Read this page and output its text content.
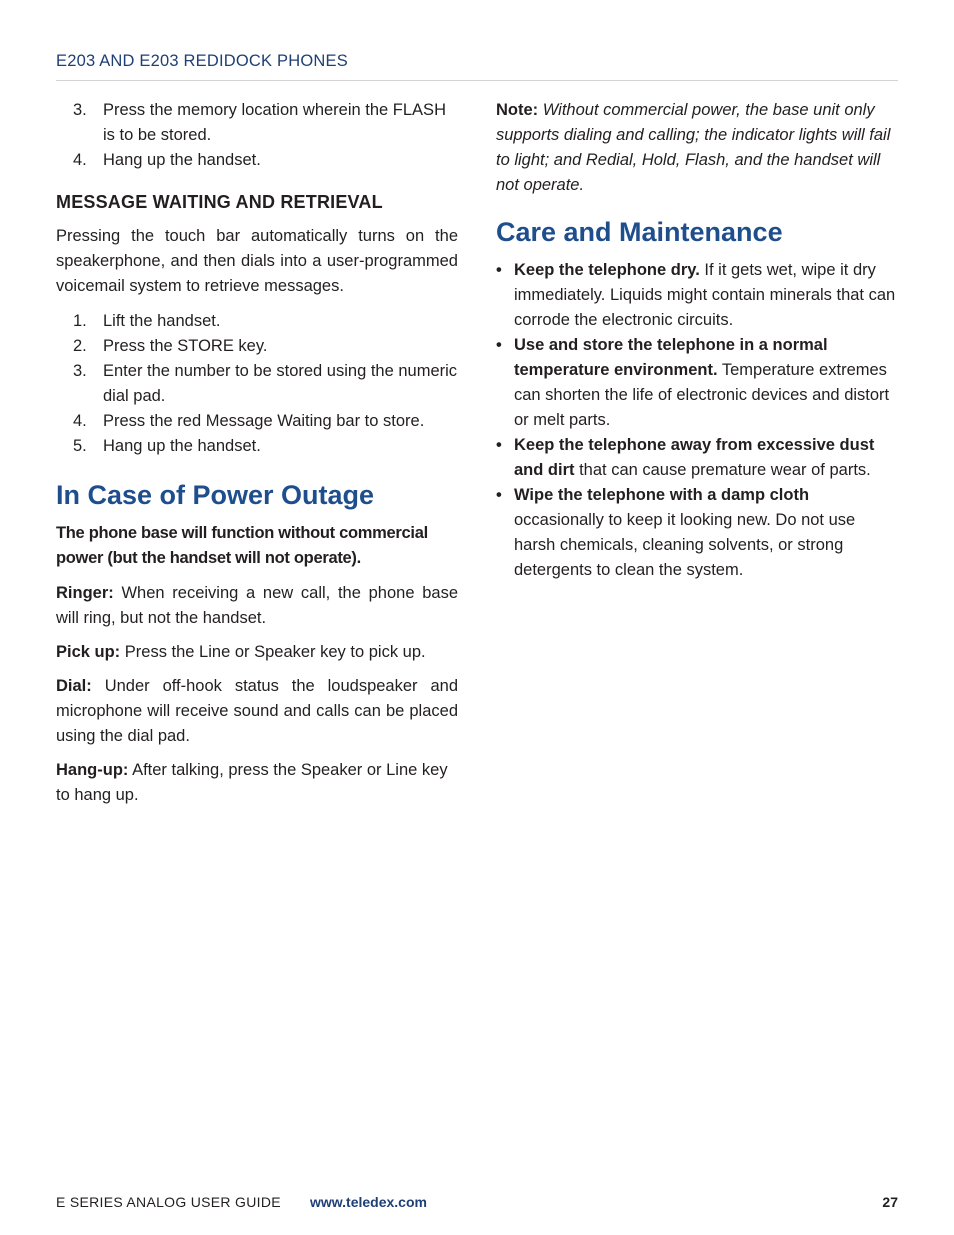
E203 AND E203 REDIDOCK PHONES
3. Press the memory location wherein the FLASH is to be stored.
4. Hang up the handset.
MESSAGE WAITING AND RETRIEVAL

Pressing the touch bar automatically turns on the speakerphone, and then dials into a user-programmed voicemail system to retrieve messages.

1. Lift the handset.
2. Press the STORE key.
3. Enter the number to be stored using the numeric dial pad.
4. Press the red Message Waiting bar to store.
5. Hang up the handset.
In Case of Power Outage

The phone base will function without commercial power (but the handset will not operate).

Ringer: When receiving a new call, the phone base will ring, but not the handset.

Pick up: Press the Line or Speaker key to pick up.

Dial: Under off-hook status the loudspeaker and microphone will receive sound and calls can be placed using the dial pad.

Hang-up: After talking, press the Speaker or Line key to hang up.

Note: Without commercial power, the base unit only supports dialing and calling; the indicator lights will fail to light; and Redial, Hold, Flash, and the handset will not operate.

Care and Maintenance
• Keep the telephone dry. If it gets wet, wipe it dry immediately. Liquids might contain minerals that can corrode the electronic circuits.
• Use and store the telephone in a normal temperature environment. Temperature extremes can shorten the life of electronic devices and distort or melt parts.
• Keep the telephone away from excessive dust and dirt that can cause premature wear of parts.
• Wipe the telephone with a damp cloth occasionally to keep it looking new. Do not use harsh chemicals, cleaning solvents, or strong detergents to clean the system.
E SERIES ANALOG USER GUIDE www.teledex.com	27
